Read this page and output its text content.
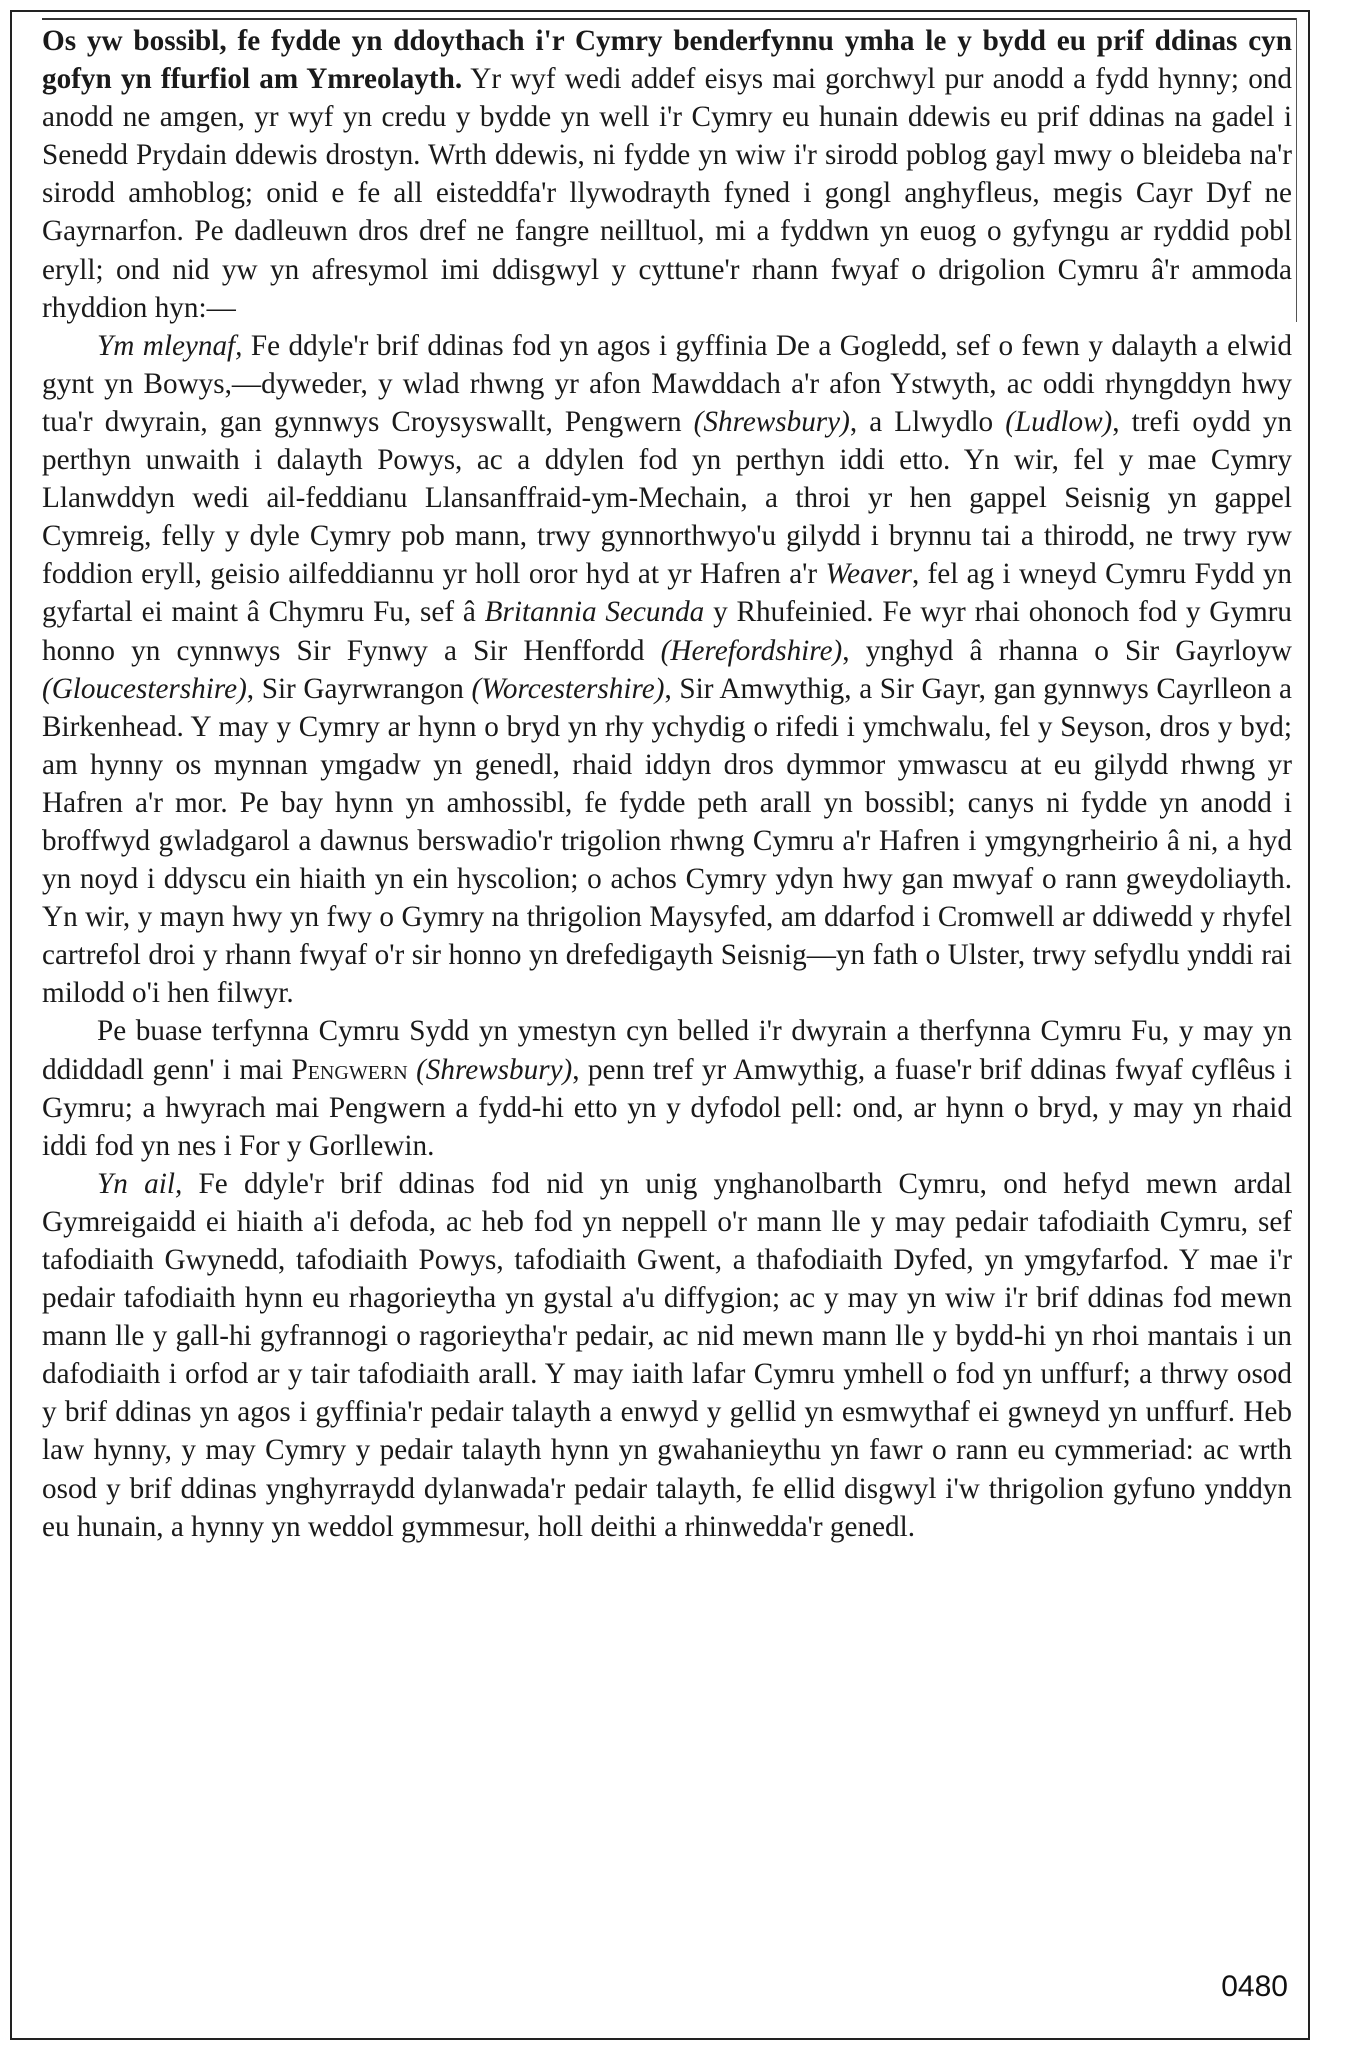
Os yw bossibl, fe fydde yn ddoythach i'r Cymry benderfynnu ymha le y bydd eu prif ddinas cyn gofyn yn ffurfiol am Ymreolayth. Yr wyf wedi addef eisys mai gorchwyl pur anodd a fydd hynny; ond anodd ne amgen, yr wyf yn credu y bydde yn well i'r Cymry eu hunain ddewis eu prif ddinas na gadel i Senedd Prydain ddewis drostyn. Wrth ddewis, ni fydde yn wiw i'r sirodd poblog gayl mwy o bleideba na'r sirodd amhoblog; onid e fe all eisteddfa'r llywodrayth fyned i gongl anghyfleus, megis Cayr Dyf ne Gayrnarfon. Pe dadleuwn dros dref ne fangre neilltuol, mi a fyddwn yn euog o gyfyngu ar ryddid pobl eryll; ond nid yw yn afresymol imi ddisgwyl y cyttune'r rhann fwyaf o drigolion Cymru â'r ammoda rhyddion hyn:—

Ym mleynaf, Fe ddyle'r brif ddinas fod yn agos i gyffinia De a Gogledd, sef o fewn y dalayth a elwid gynt yn Bowys,—dyweder, y wlad rhwng yr afon Mawddach a'r afon Ystwyth, ac oddi rhyngddyn hwy tua'r dwyrain, gan gynnwys Croysyswallt, Pengwern (Shrewsbury), a Llwydlo (Ludlow), trefi oydd yn perthyn unwaith i dalayth Powys, ac a ddylen fod yn perthyn iddi etto. Yn wir, fel y mae Cymry Llanwddyn wedi ail-feddianu Llansanffraid-ym-Mechain, a throi yr hen gappel Seisnig yn gappel Cymreig, felly y dyle Cymry pob mann, trwy gynnorthwyo'u gilydd i brynnu tai a thirodd, ne trwy ryw foddion eryll, geisio ailfeddiannu yr holl oror hyd at yr Hafren a'r Weaver, fel ag i wneyd Cymru Fydd yn gyfartal ei maint â Chymru Fu, sef â Britannia Secunda y Rhufeinied. Fe wyr rhai ohonoch fod y Gymru honno yn cynnwys Sir Fynwy a Sir Henffordd (Herefordshire), ynghyd â rhanna o Sir Gayrloyw (Gloucestershire), Sir Gayrwrangon (Worcestershire), Sir Amwythig, a Sir Gayr, gan gynnwys Cayrlleon a Birkenhead. Y may y Cymry ar hynn o bryd yn rhy ychydig o rifedi i ymchwalu, fel y Seyson, dros y byd; am hynny os mynnan ymgadw yn genedl, rhaid iddyn dros dymmor ymwascu at eu gilydd rhwng yr Hafren a'r mor. Pe bay hynn yn amhossibl, fe fydde peth arall yn bossibl; canys ni fydde yn anodd i broffwyd gwladgarol a dawnus berswadio'r trigolion rhwng Cymru a'r Hafren i ymgyngrheirio â ni, a hyd yn noyd i ddyscu ein hiaith yn ein hyscolion; o achos Cymry ydyn hwy gan mwyaf o rann gweydoliayth. Yn wir, y mayn hwy yn fwy o Gymry na thrigolion Maysyfed, am ddarfod i Cromwell ar ddiwedd y rhyfel cartrefol droi y rhann fwyaf o'r sir honno yn drefedigayth Seisnig—yn fath o Ulster, trwy sefydlu ynddi rai milodd o'i hen filwyr.

Pe buase terfynna Cymru Sydd yn ymestyn cyn belled i'r dwyrain a therfynna Cymru Fu, y may yn ddiddadl genn' i mai Pengwern (Shrewsbury), penn tref yr Amwythig, a fuase'r brif ddinas fwyaf cyflêus i Gymru; a hwyrach mai Pengwern a fydd-hi etto yn y dyfodol pell: ond, ar hynn o bryd, y may yn rhaid iddi fod yn nes i For y Gorllewin.

Yn ail, Fe ddyle'r brif ddinas fod nid yn unig ynghanolbarth Cymru, ond hefyd mewn ardal Gymreigaidd ei hiaith a'i defoda, ac heb fod yn neppell o'r mann lle y may pedair tafodiaith Cymru, sef tafodiaith Gwynedd, tafodiaith Powys, tafodiaith Gwent, a thafodiaith Dyfed, yn ymgyfarfod. Y mae i'r pedair tafodiaith hynn eu rhagorieytha yn gystal a'u diffygion; ac y may yn wiw i'r brif ddinas fod mewn mann lle y gall-hi gyfrannogi o ragorieytha'r pedair, ac nid mewn mann lle y bydd-hi yn rhoi mantais i un dafodiaith i orfod ar y tair tafodiaith arall. Y may iaith lafar Cymru ymhell o fod yn unffurf; a thrwy osod y brif ddinas yn agos i gyffinia'r pedair talayth a enwyd y gellid yn esmwythaf ei gwneyd yn unffurf. Heb law hynny, y may Cymry y pedair talayth hynn yn gwahanieythu yn fawr o rann eu cymmeriad: ac wrth osod y brif ddinas ynghyrraydd dylanwada'r pedair talayth, fe ellid disgwyl i'w thrigolion gyfuno ynddyn eu hunain, a hynny yn weddol gymmesur, holl deithi a rhinwedda'r genedl.

0480
